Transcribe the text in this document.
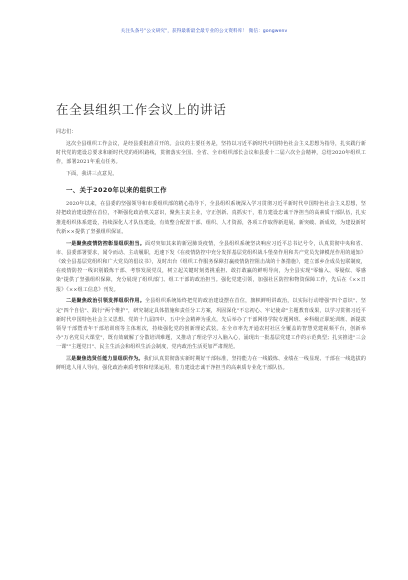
关注头条号"公文研究"，获得最新最全最专业的公文资料库！ 微信：gongwenv
在全县组织工作会议上的讲话

同志们：

这次全县组织工作会议，是经县委批准召开的。会议的主要任务是，坚持以习近平新时代中国特色社会主义思想为指导，扎实践行新时代党的建设总要求和新时代党的组织路线，贯彻落实全国、全省、全市组织部长会议和县委十二届六次全会精神，总结2020年组织工作，部署2021年重点任务。

下面，我讲三点意见。

一、关于2020年以来的组织工作

2020年以来，在县委的坚强领导和市委组织部的精心指导下，全县组织系统深入学习贯彻习近平新时代中国特色社会主义思想，坚持把政治建设摆在首位，不断强化政治机关意识，聚焦主责主业，守正创新、真抓实干，着力建设忠诚干净担当的高素质干部队伍，扎实推进组织体系建设，持续深化人才队伍建设，有效整合配置干部、组织、人才资源，各项工作取得新进展、新突破、新成效，为建设新时代新××提供了坚强组织保证。

一是聚焦疫情防控彰显组织担当。面对突如其来的新冠肺炎疫情，全县组织系统坚决响应习近平总书记号令，认真贯彻中央和省、市、县委部署要求，闻令而动、主动履职，迅速下发《在疫情防控中充分发挥基层党组织战斗堡垒作用和共产党员先锋模范作用的通知》《致全县基层党组织和广大党员的倡议书》，及时出台《组织工作服务保障打赢疫情防控阻击战的十条措施》，建立部乡企成员包联制度，在疫情防控一线识别锻炼干部、考察发展党员，树立起关键时刻勇挑重担、敢打敢赢的鲜明导向，为全县实现"零输入、零疑似、零感染"提供了坚强组织保障，充分展现了组织部门、组工干部的政治担当。强化党建引领，加强社区防控和物资保障工作，先后在《××日报》《××组工信息》刊发。

二是聚焦政治引领发挥组织作用。全县组织系统始终把党的政治建设摆在首位，旗帜鲜明讲政治，以实际行动增强"四个意识"、坚定"四个自信"、践行"两个维护"，研究制定具体措施和责任分工方案，巩固深化"不忘初心、牢记使命"主题教育成果，以学习贯彻习近平新时代中国特色社会主义思想、党的十九届四中、五中全会精神为重点，先后举办了干部网络学院专题网班、乡科级正职轮训班、新提拔领导干部暨青年干部培训班等主体班次，持续强化党的创新理论武装。在全市率先开通农村社区全覆盖的智慧党建视频平台，创新举办"万名党员大课堂"，既有效破解了分散培训难题，又推动了理论学习入脑入心，涌现出一批基层党建工作的示范典型；扎实推进"三会一课""主题党日"、民主生活会和组织生活会制度，党内政治生活更加严肃规范。

三是聚焦选贤任能力显组织作为。我们认真贯彻落实新时期好干部标准，坚持能力在一线锻炼、业绩在一线显现、干部在一线选拔的鲜明选人用人导向，强化政治素质考察和结果运用，着力建设忠诚干净担当的高素质专业化干部队伍。
